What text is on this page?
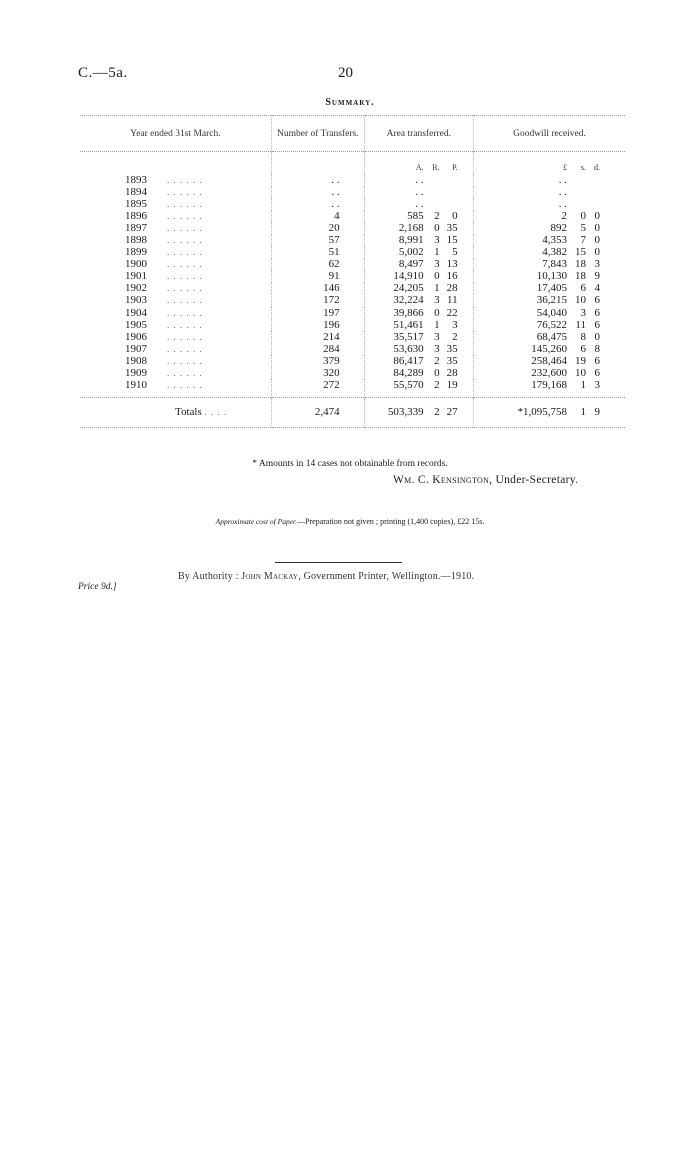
C.—5a.	20
Summary.
Year ended 31st March.	Number of Transfers.	Area transferred.	Goodwill received.
		A. R. P.	£ s. d.
1893 . . . . . .	. .	. .	. .
1894 . . . . . .	. .	. .	. .
1895 . . . . . .	. .	. .	. .
1896 . . . . . .	4	585 2 0	2 0 0
1897 . . . . . .	20	2,168 0 35	892 5 0
1898 . . . . . .	57	8,991 3 15	4,353 7 0
1899 . . . . . .	51	5,002 1 5	4,382 15 0
1900 . . . . . .	62	8,497 3 13	7,843 18 3
1901 . . . . . .	91	14,910 0 16	10,130 18 9
1902 . . . . . .	146	24,205 1 28	17,405 6 4
1903 . . . . . .	172	32,224 3 11	36,215 10 6
1904 . . . . . .	197	39,866 0 22	54,040 3 6
1905 . . . . . .	196	51,461 1 3	76,522 11 6
1906 . . . . . .	214	35,517 3 2	68,475 8 0
1907 . . . . . .	284	53,630 3 35	145,260 6 8
1908 . . . . . .	379	86,417 2 35	258,464 19 6
1909 . . . . . .	320	84,289 0 28	232,600 10 6
1910 . . . . . .	272	55,570 2 19	179,168 1 3

Totals . . . .	2,474	503,339 2 27	*1,095,758 1 9
* Amounts in 14 cases not obtainable from records.
Wm. C. Kensington, Under-Secretary.
Approximate cost of Paper.—Preparation not given ; printing (1,400 copies), £22 15s.
By Authority : John Mackay, Government Printer, Wellington.—1910.
Price 9d.]
